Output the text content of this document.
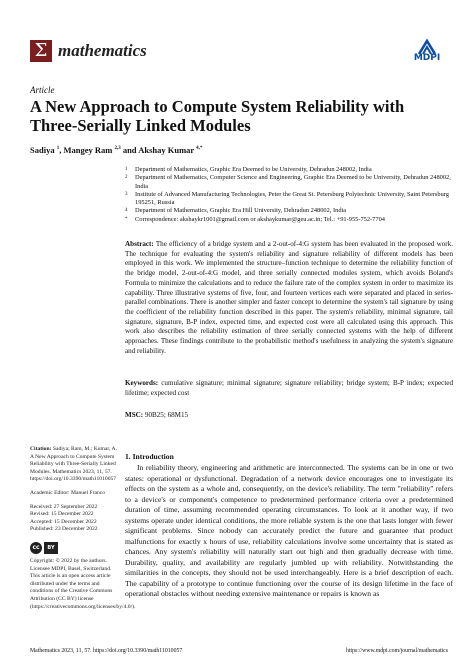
Σ mathematics	MDPI
Article
A New Approach to Compute System Reliability with Three-Serially Linked Modules
Sadiya $^1$, Mangey Ram $^{2,3}$ and Akshay Kumar $^{4,*}$
1	Department of Mathematics, Graphic Era Deemed to be University, Dehradun 248002, India
2	Department of Mathematics, Computer Science and Engineering, Graphic Era Deemed to be University, Dehradun 248002, India
3	Institute of Advanced Manufacturing Technologies, Peter the Great St. Petersburg Polytechnic University, Saint Petersburg 195251, Russia
4	Department of Mathematics, Graphic Era Hill University, Dehradun 248002, India
*	Correspondence: akshaykr1001@gmail.com or akshaykumar@geu.ac.in; Tel.: +91-955-752-7704
Abstract: The efficiency of a bridge system and a 2-out-of-4:G system has been evaluated in the proposed work. The technique for evaluating the system's reliability and signature reliability of different models has been employed in this work. We implemented the structure–function technique to determine the reliability function of the bridge model, 2-out-of-4:G model, and three serially connected modules system, which avoids Boland's Formula to minimize the calculations and to reduce the failure rate of the complex system in order to maximize its capability. Three illustrative systems of five, four, and fourteen vertices each were separated and placed in series-parallel combinations. There is another simpler and faster concept to determine the system's tail signature by using the coefficient of the reliability function described in this paper. The system's reliability, minimal signature, tail signature, signature, B-P index, expected time, and expected cost were all calculated using this approach. This work also describes the reliability estimation of three serially connected systems with the help of different approaches. These findings contribute to the probabilistic method's usefulness in analyzing the system's signature and reliability.
Keywords: cumulative signature; minimal signature; signature reliability; bridge system; B-P index; expected lifetime; expected cost
MSC: 90B25; 68M15

Citation: Sadiya; Ram, M.; Kumar, A. A New Approach to Compute System Reliability with Three-Serially Linked Modules. Mathematics 2023, 11, 57. https://doi.org/10.3390/math11010057

Academic Editor: Manuel Franco

Received: 27 September 2022
Revised: 15 December 2022
Accepted: 15 December 2022
Published: 23 December 2022

cc	BY

Copyright: © 2022 by the authors. Licensee MDPI, Basel, Switzerland. This article is an open access article distributed under the terms and conditions of the Creative Commons Attribution (CC BY) license (https://creativecommons.org/licenses/by/4.0/).

1. Introduction
In reliability theory, engineering and arithmetic are interconnected. The systems can be in one or two states: operational or dysfunctional. Degradation of a network device encourages one to investigate its effects on the system as a whole and, consequently, on the device's reliability. The term "reliability" refers to a device's or component's competence to predetermined performance criteria over a predetermined duration of time, assuming recommended operating circumstances. To look at it another way, if two systems operate under identical conditions, the more reliable system is the one that lasts longer with fewer significant problems. Since nobody can accurately predict the future and guarantee that product malfunctions for exactly x hours of use, reliability calculations involve some uncertainty that is stated as chances. Any system's reliability will naturally start out high and then gradually decrease with time. Durability, quality, and availability are regularly jumbled up with reliability. Notwithstanding the similarities in the concepts, they should not be used interchangeably. Here is a brief description of each. The capability of a prototype to continue functioning over the course of its design lifetime in the face of operational obstacles without needing extensive maintenance or repairs is known as
Mathematics 2023, 11, 57. https://doi.org/10.3390/math11010057	https://www.mdpi.com/journal/mathematics
